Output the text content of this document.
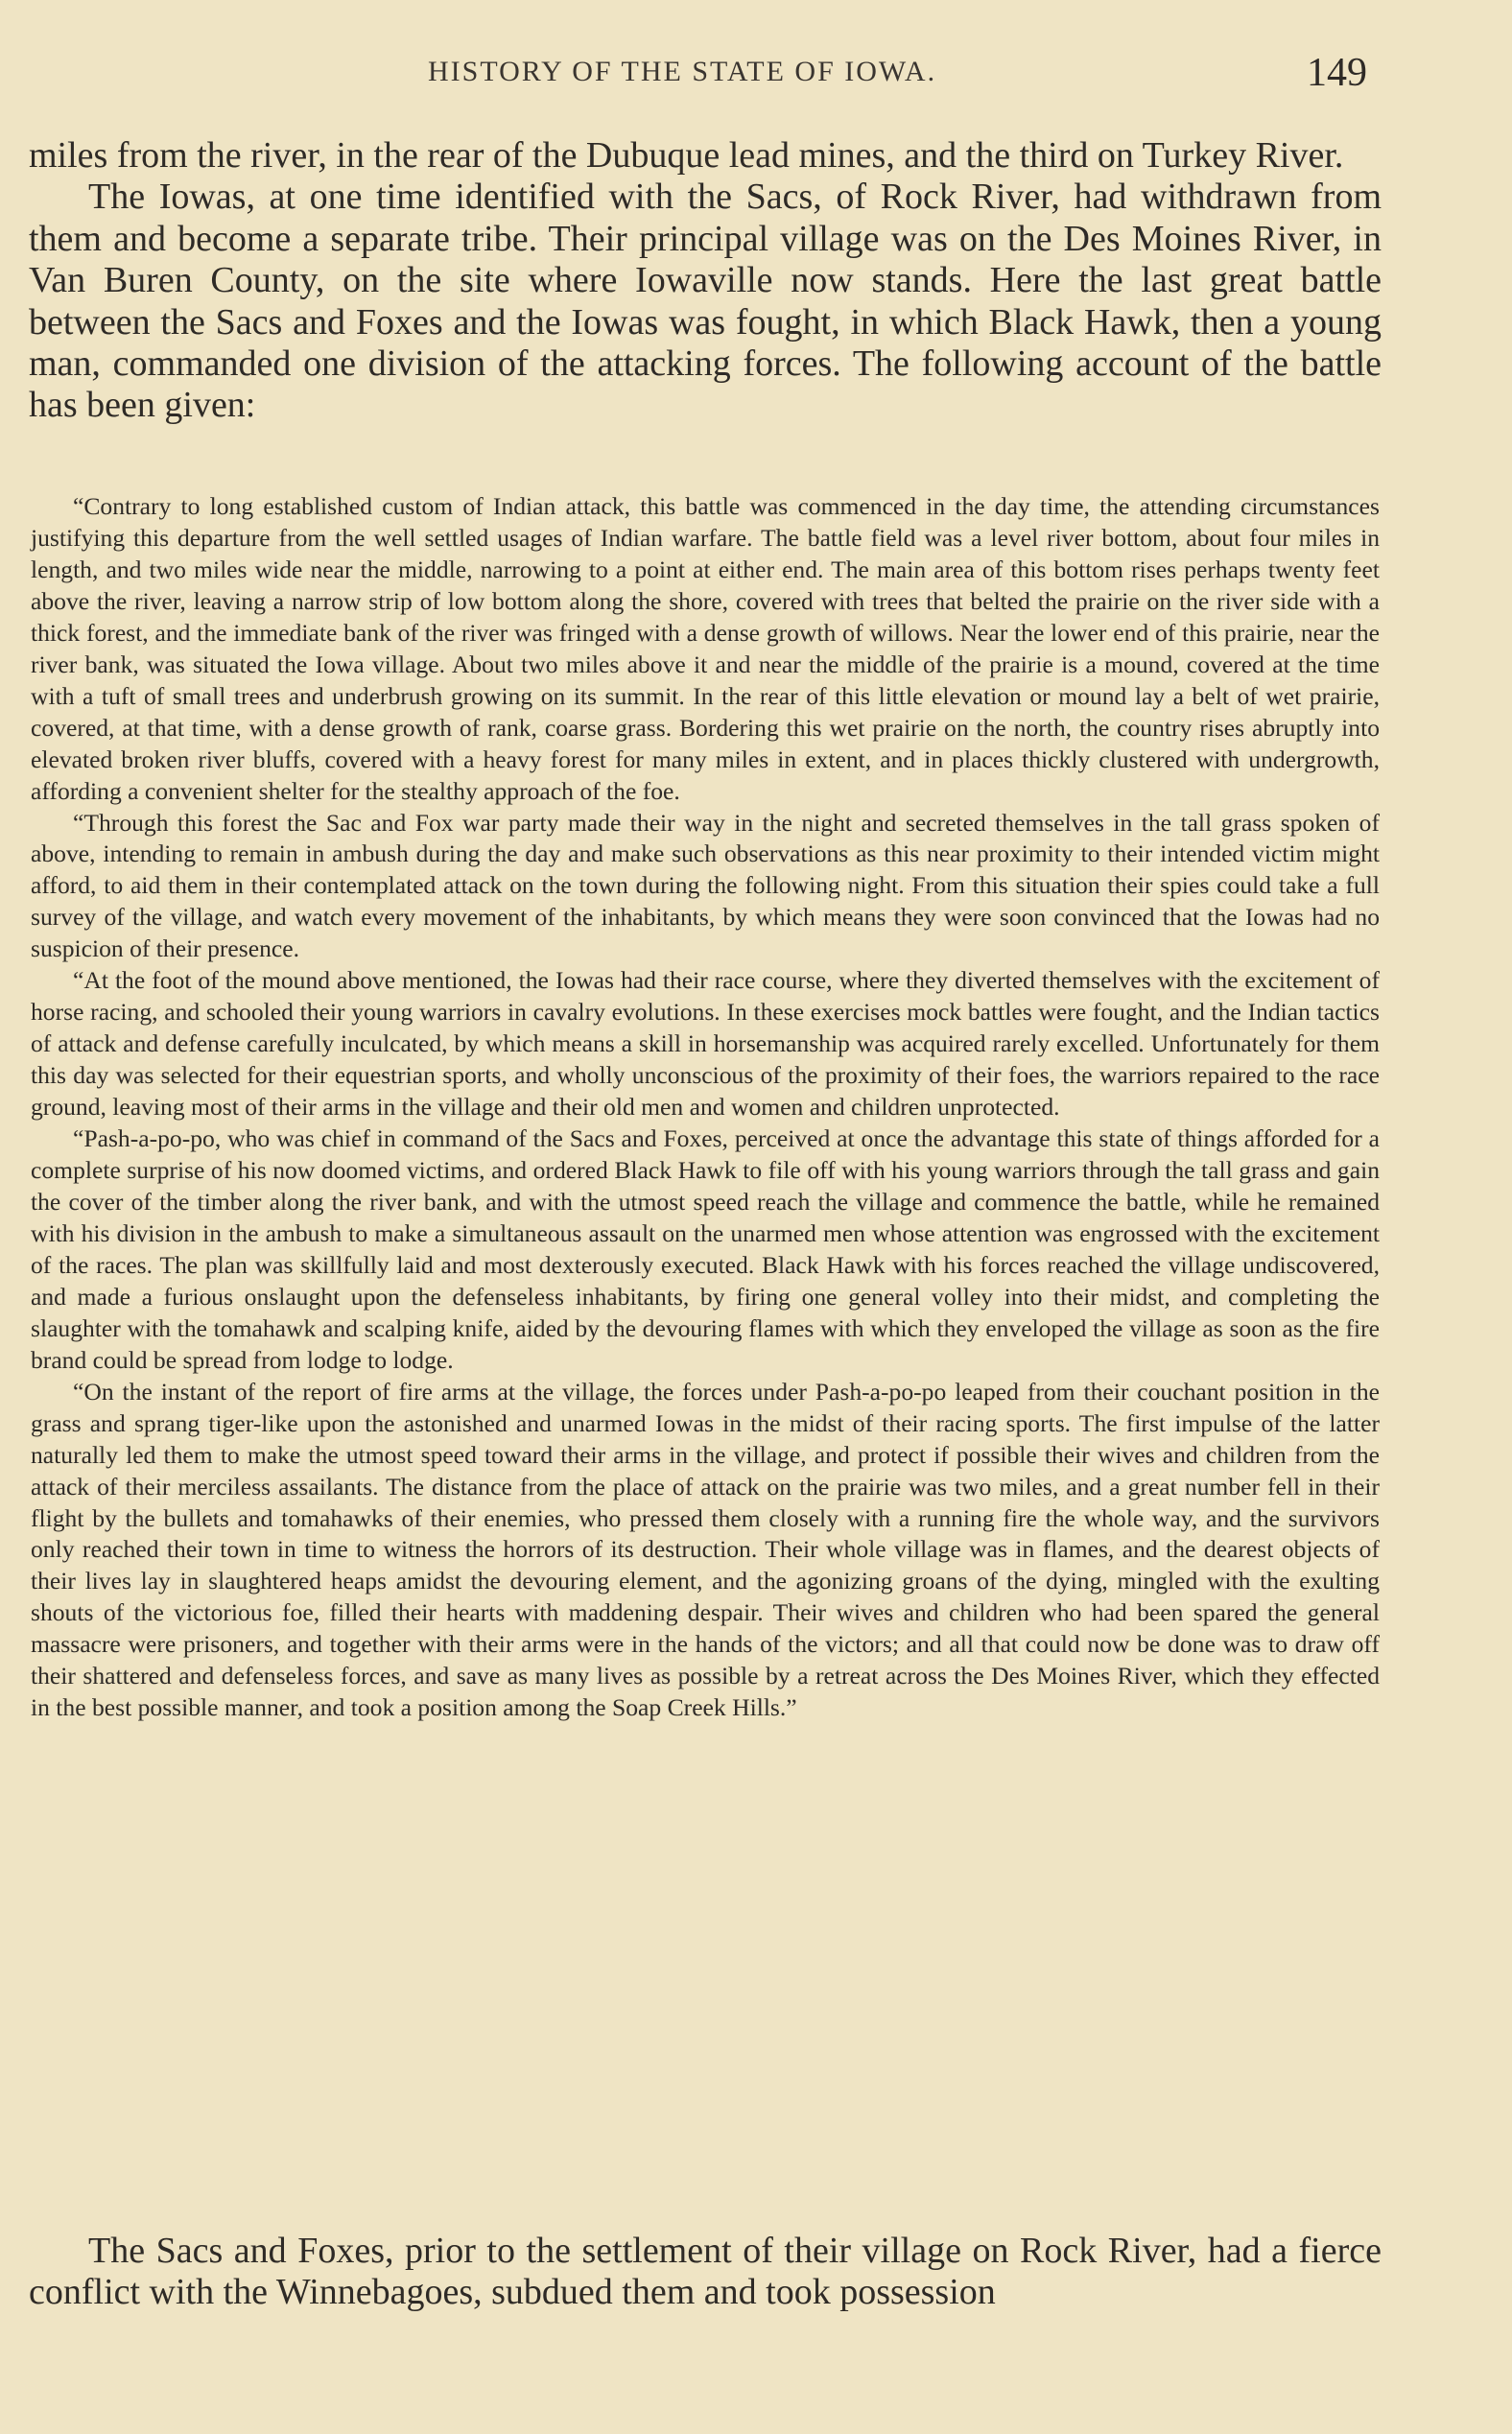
HISTORY OF THE STATE OF IOWA.	149

miles from the river, in the rear of the Dubuque lead mines, and the third on Turkey River.

The Iowas, at one time identified with the Sacs, of Rock River, had withdrawn from them and become a separate tribe. Their principal village was on the Des Moines River, in Van Buren County, on the site where Iowaville now stands. Here the last great battle between the Sacs and Foxes and the Iowas was fought, in which Black Hawk, then a young man, commanded one division of the attacking forces. The following account of the battle has been given:

“Contrary to long established custom of Indian attack, this battle was commenced in the day time, the attending circumstances justifying this departure from the well settled usages of Indian warfare. The battle field was a level river bottom, about four miles in length, and two miles wide near the middle, narrowing to a point at either end. The main area of this bottom rises perhaps twenty feet above the river, leaving a narrow strip of low bottom along the shore, covered with trees that belted the prairie on the river side with a thick forest, and the immediate bank of the river was fringed with a dense growth of willows. Near the lower end of this prairie, near the river bank, was situated the Iowa village. About two miles above it and near the middle of the prairie is a mound, covered at the time with a tuft of small trees and underbrush growing on its summit. In the rear of this little elevation or mound lay a belt of wet prairie, covered, at that time, with a dense growth of rank, coarse grass. Bordering this wet prairie on the north, the country rises abruptly into elevated broken river bluffs, covered with a heavy forest for many miles in extent, and in places thickly clustered with undergrowth, affording a convenient shelter for the stealthy approach of the foe.

“Through this forest the Sac and Fox war party made their way in the night and secreted themselves in the tall grass spoken of above, intending to remain in ambush during the day and make such observations as this near proximity to their intended victim might afford, to aid them in their contemplated attack on the town during the following night. From this situation their spies could take a full survey of the village, and watch every movement of the inhabitants, by which means they were soon convinced that the Iowas had no suspicion of their presence.

“At the foot of the mound above mentioned, the Iowas had their race course, where they diverted themselves with the excitement of horse racing, and schooled their young warriors in cavalry evolutions. In these exercises mock battles were fought, and the Indian tactics of attack and defense carefully inculcated, by which means a skill in horsemanship was acquired rarely excelled. Unfortunately for them this day was selected for their equestrian sports, and wholly unconscious of the proximity of their foes, the warriors repaired to the race ground, leaving most of their arms in the village and their old men and women and children unprotected.

“Pash-a-po-po, who was chief in command of the Sacs and Foxes, perceived at once the advantage this state of things afforded for a complete surprise of his now doomed victims, and ordered Black Hawk to file off with his young warriors through the tall grass and gain the cover of the timber along the river bank, and with the utmost speed reach the village and commence the battle, while he remained with his division in the ambush to make a simultaneous assault on the unarmed men whose attention was engrossed with the excitement of the races. The plan was skillfully laid and most dexterously executed. Black Hawk with his forces reached the village undiscovered, and made a furious onslaught upon the defenseless inhabitants, by firing one general volley into their midst, and completing the slaughter with the tomahawk and scalping knife, aided by the devouring flames with which they enveloped the village as soon as the fire brand could be spread from lodge to lodge.

“On the instant of the report of fire arms at the village, the forces under Pash-a-po-po leaped from their couchant position in the grass and sprang tiger-like upon the astonished and unarmed Iowas in the midst of their racing sports. The first impulse of the latter naturally led them to make the utmost speed toward their arms in the village, and protect if possible their wives and children from the attack of their merciless assailants. The distance from the place of attack on the prairie was two miles, and a great number fell in their flight by the bullets and tomahawks of their enemies, who pressed them closely with a running fire the whole way, and the survivors only reached their town in time to witness the horrors of its destruction. Their whole village was in flames, and the dearest objects of their lives lay in slaughtered heaps amidst the devouring element, and the agonizing groans of the dying, mingled with the exulting shouts of the victorious foe, filled their hearts with maddening despair. Their wives and children who had been spared the general massacre were prisoners, and together with their arms were in the hands of the victors; and all that could now be done was to draw off their shattered and defenseless forces, and save as many lives as possible by a retreat across the Des Moines River, which they effected in the best possible manner, and took a position among the Soap Creek Hills.”

The Sacs and Foxes, prior to the settlement of their village on Rock River, had a fierce conflict with the Winnebagoes, subdued them and took possession
